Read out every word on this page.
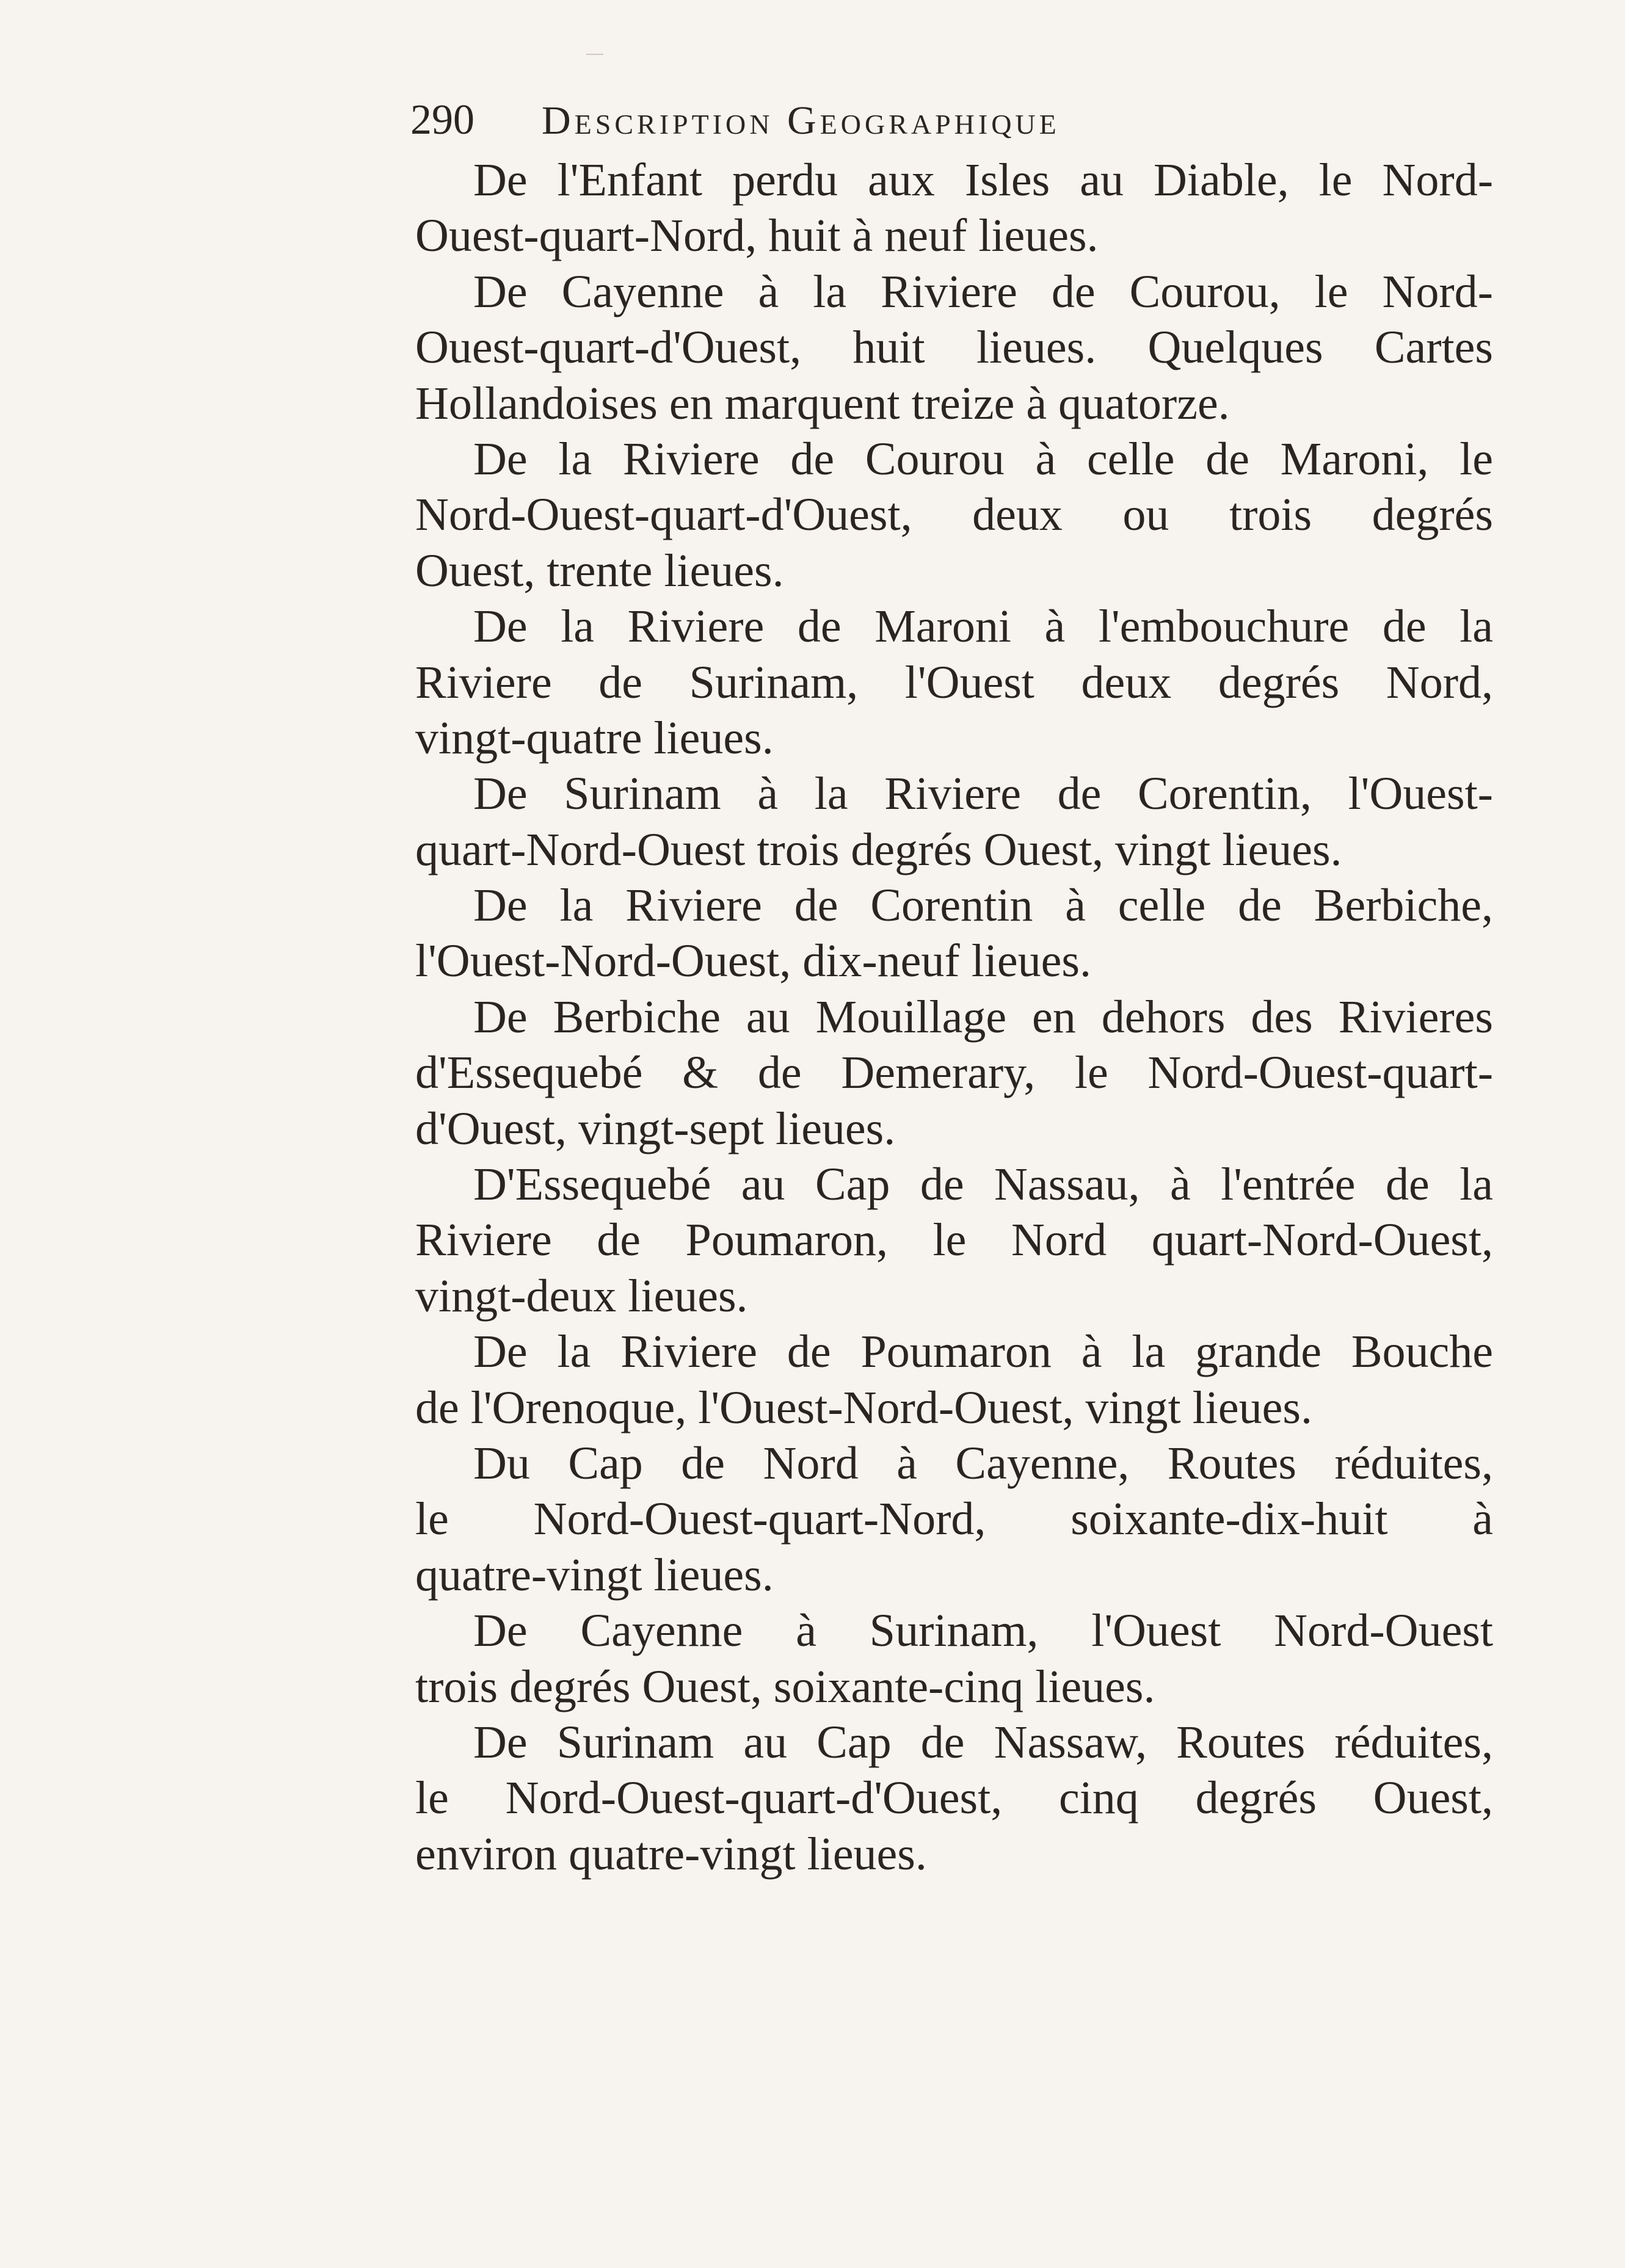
290 Description Geographique
De l'Enfant perdu aux Isles au Diable, le Nord-
Ouest-quart-Nord, huit à neuf lieues.
De Cayenne à la Riviere de Courou, le Nord-
Ouest-quart-d'Ouest, huit lieues. Quelques Cartes
Hollandoises en marquent treize à quatorze.
De la Riviere de Courou à celle de Maroni, le
Nord-Ouest-quart-d'Ouest, deux ou trois degrés
Ouest, trente lieues.
De la Riviere de Maroni à l'embouchure de la
Riviere de Surinam, l'Ouest deux degrés Nord,
vingt-quatre lieues.
De Surinam à la Riviere de Corentin, l'Ouest-
quart-Nord-Ouest trois degrés Ouest, vingt lieues.
De la Riviere de Corentin à celle de Berbiche,
l'Ouest-Nord-Ouest, dix-neuf lieues.
De Berbiche au Mouillage en dehors des Rivieres
d'Essequebé & de Demerary, le Nord-Ouest-quart-
d'Ouest, vingt-sept lieues.
D'Essequebé au Cap de Nassau, à l'entrée de la
Riviere de Poumaron, le Nord quart-Nord-Ouest,
vingt-deux lieues.
De la Riviere de Poumaron à la grande Bouche
de l'Orenoque, l'Ouest-Nord-Ouest, vingt lieues.
Du Cap de Nord à Cayenne, Routes réduites,
le Nord-Ouest-quart-Nord, soixante-dix-huit à
quatre-vingt lieues.
De Cayenne à Surinam, l'Ouest Nord-Ouest
trois degrés Ouest, soixante-cinq lieues.
De Surinam au Cap de Nassaw, Routes réduites,
le Nord-Ouest-quart-d'Ouest, cinq degrés Ouest,
environ quatre-vingt lieues.
